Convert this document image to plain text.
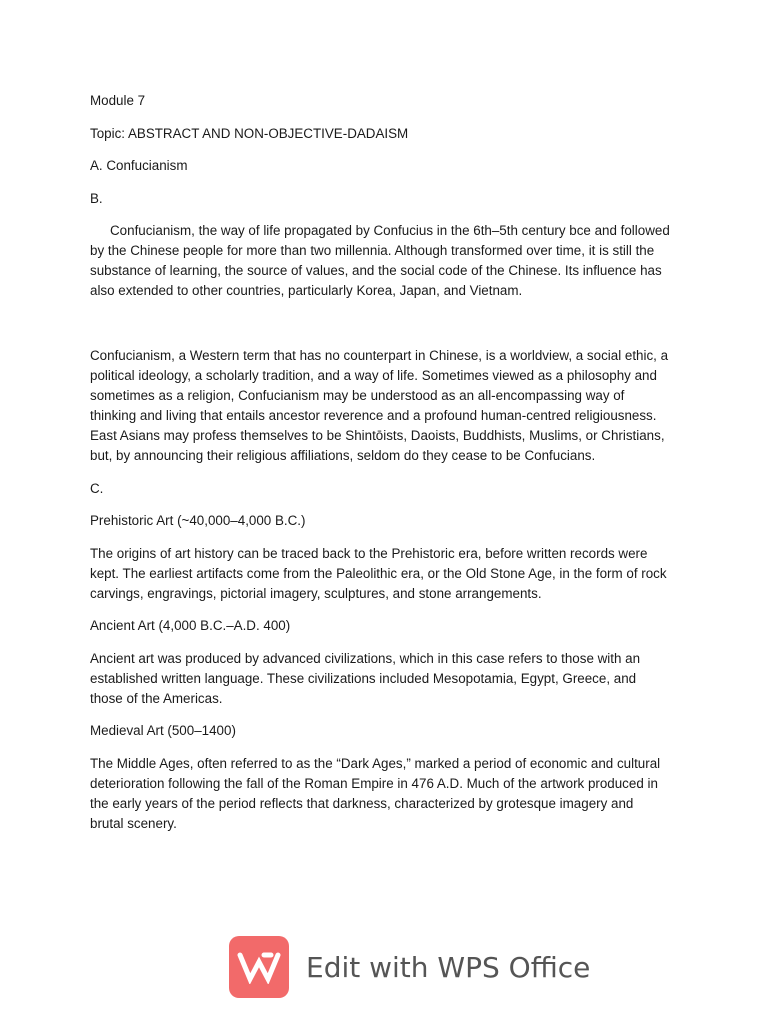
Module 7

Topic: ABSTRACT AND NON-OBJECTIVE-DADAISM

A. Confucianism

B.

Confucianism, the way of life propagated by Confucius in the 6th–5th century bce and followed by the Chinese people for more than two millennia. Although transformed over time, it is still the substance of learning, the source of values, and the social code of the Chinese. Its influence has also extended to other countries, particularly Korea, Japan, and Vietnam.

Confucianism, a Western term that has no counterpart in Chinese, is a worldview, a social ethic, a political ideology, a scholarly tradition, and a way of life. Sometimes viewed as a philosophy and sometimes as a religion, Confucianism may be understood as an all-encompassing way of thinking and living that entails ancestor reverence and a profound human-centred religiousness. East Asians may profess themselves to be Shintōists, Daoists, Buddhists, Muslims, or Christians, but, by announcing their religious affiliations, seldom do they cease to be Confucians.

C.

Prehistoric Art (~40,000–4,000 B.C.)

The origins of art history can be traced back to the Prehistoric era, before written records were kept. The earliest artifacts come from the Paleolithic era, or the Old Stone Age, in the form of rock carvings, engravings, pictorial imagery, sculptures, and stone arrangements.

Ancient Art (4,000 B.C.–A.D. 400)

Ancient art was produced by advanced civilizations, which in this case refers to those with an established written language. These civilizations included Mesopotamia, Egypt, Greece, and those of the Americas.

Medieval Art (500–1400)

The Middle Ages, often referred to as the “Dark Ages,” marked a period of economic and cultural deterioration following the fall of the Roman Empire in 476 A.D. Much of the artwork produced in the early years of the period reflects that darkness, characterized by grotesque imagery and brutal scenery.

Edit with WPS Office
